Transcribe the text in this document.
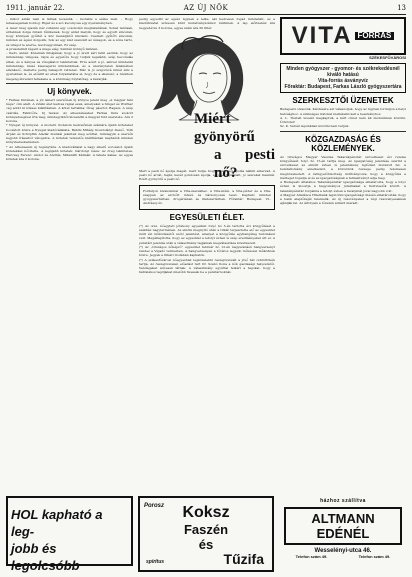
1911. január 22.	AZ ÚJ NŐK	13

– mikor aztán nem is látnak lecsésük, – morakis a széke mell. – Hogy lehessegeinek boldog. Rigar és a szó kucsnyosa egy nyereményben.

A leuer meg igazán néz zuhanni egy ocsokolén megtakarának. Sokat tanúsak, érdeknek dolga öntani tűnikenek, hogy aldat melyik, hogy és egyutt sincsrek, hogy könnyek gyűltét a köz menatjáről küzdeni. Csemelt gyűlőtt sincsrek, minden az égési dolgozik. Sok az egy kiét szenzátt az úszagok, és a zóna tartó, és világot le szerve, levolvagyonban. Ez szép.

A prusstelmit régent a mage elég. Szintén könnyű minden.

– Kedv, annál. Közemán hibájának, hogy a jó érett sári felül eszünk, hogy az mindennap világosa, rajza és egyelőre hogy tudjuk legalább, szép bevonulás éltek, és a kényes és vízsgálatot tekintettek. Erre azért a jó, amivel mindenki mindennap, kissé kieszegetni mindenkinek, és a szerénytelen félelmében ellenkező, mellette pedig bekapott rettenet. Már is jó szigorúvá minél élni a gyerekben is, és előállit az ebek folyamatába el, hogy de a ellenszó, a rézsiben megeng ébredeti feltekene a, a közönség folytatólag, a kavarják.

Uj könyvek.

* Farkas Imrének, a jól ismert szerzőnek új könyve jelent meg „A magyar falu népe” cím alatt. A vidéki élet kedves rajzai ezek, amelyeket a Singer és Wolfner cég adott ki ízléses kiállításban. A kötet tartalma: Öreg pásztor, Ragasz, A szép csárdás, Esküvőre, Uj tavasz. Az elbeszéléseket Farkas Imre szokott könnyedségével írta meg, mindegyikből kicsendül a magyar föld szeretete. Ára 3 korona.

* Nyugat új könyvei. A modern irodalom kedvelőinek számára újabb köteteket bocsátott közre a Nyugat kiadóvállalata. Babits Mihály, Kosztolányi Dezső, Tóth Árpád és Schöpflin Aladár munkái jelentek meg ezúttal, mindegyik a szerzők legjobb írásaiból válogatva. A kötetek tetszetős kiállításban kaphatók minden könyvkereskedésben.

* Az Athenaeum új regénytára. A kiadóvállalat a nagy sikerű sorozatot újabb kötetekkel bővítette. A legújabb kötetek: Gárdonyi Géza: Az öreg tekintetes, Herczeg Ferenc: Andor és András, Mikszáth Kálmán: A fekete kakas. Az egyes kötetek ára 2 korona.

pedig egyedül az egész ügynek a lelke, aki kedvesen fogad mindenkit, és a kiadóhivatal szívesen küld mutatványszámot bárkinek. A lap előfizetési ára negyedévre 3 korona, egyes szám ára 30 fillér.

Miért gyönyörű
a pesti nő?

Mert a pesti nő ápolja magát, mert tudja, hogy a szépség ápolás nélkül elhervad. A pesti nő arcát, haját, kezét gondosan ápolja, és csak kipróbált, jó szereket használ. Ezért gyönyörű a pesti nő.

Forduljon bizalommal a Vita-szerekhez. A Vita-krém, a Vita-púder és a Vita-szappan az arcbőrt üdévé és bársonyossá teszi. Kapható minden gyógyszertárban, drogériában és illatszertárban. Főraktár: Budapest, VI., Andrássy-út.

EGYESÜLETI ÉLET.

(*) Az orsz. nőegyleti jótékony egyesület folyó hó 5-én tartotta évi közgyűlését a székház nagytermében. Az elnöki megnyitó után a titkár terjesztette elő az egyesület múlt évi működéséről szóló jelentést, amelyet a közgyűlés egyhangúlag tudomásul vett. Megállapította, hogy az egyesület a lefolyt évben is szép eredményeket ért el. A pénztári jelentés után a választmány tagjainak megválasztása következett.

(*) Az „Országos nőképző” egyesület február hó 12-én nagyszabású hangversenyt rendez a Vigadó termeiben. A hangversenyen a főváros legjobb művészei működnek közre. Jegyek a titkári irodában kaphatók.

(*) A székesfővárosi nőegyesület legközelebbi összejövetelét a jövő hét csütörtökén tartja. Az összejövetelen előadást tart Dr. Szabó Ilona a nők gazdasági helyzetéről. Vendégeket szívesen látnak. A választmány egyúttal felkéri a tagokat, hogy a hátralékos tagdíjakat mielőbb fizessék be a pénztárnoknál.

VITA FORRÁS
SZÉKESFŐVÁROSI
Minden gyógyszer - gyomor- és székrekedésnél kiváló hatású
Vita-forrás ásványvíz
Főraktár: Budapest, Farkas László gyógyszertára
SZERKESZTŐI ÜZENETEK

Budapesti olvasónk. Kérdésére azt válaszoljuk, hogy az ügyben forduljon a helyi hatósághoz. A szükséges iratokat mellékelni kell a beadványhoz.

A. L. Tisztelt levelét megkaptuk, a kért címet nem áll módunkban közölni. Üdvözlet!

Sz. K. Versét lapunkban közölni nem tudjuk.

KÖZGAZDASÁG ÉS KÖZLEMÉNYEK.

Az Országos Magyar Vasutas Takarékpénztár szövetkezet évi rendes közgyűlését folyó hó 15-én tartja meg. Az igazgatóság jelentése szerint a szövetkezet az elmúlt évben is jelentékeny fejlődést mutatott fel. A betétállomány emelkedett, a kölcsönök összege pedig tetemesen megnövekedett. A felügyelőbizottság indítványozza, hogy a közgyűlés a mérleget fogadja el és az igazgatóságnak a felmentvényt adja meg.

A Budapesti Általános Takarékpénztár igazgatósága elhatározta, hogy a folyó évben is kiosztja a hagyományos jutalmakat a tisztviselők között. A takarékpénztár forgalma a lefolyt évben a tavalyinál jóval nagyobb volt.

A Magyar Általános Hitelbank legutóbbi igazgatósági ülésén elhatározták, hogy a bank alaptőkéjét felemelik. Az új részvényeket a régi részvényeseknek ajánlják fel. Az árfolyam a tőzsdén szilárd maradt.

HOL kapható a leg-
jobb és legolcsóbb
Porosz	Koksz
Faszén
és
spiritus	Tűzifa
házhoz szállítva
ALTMANN EDÉNÉL
Wesselényi-utca 46.
Telefon szám 49.	Telefon szám 49.
